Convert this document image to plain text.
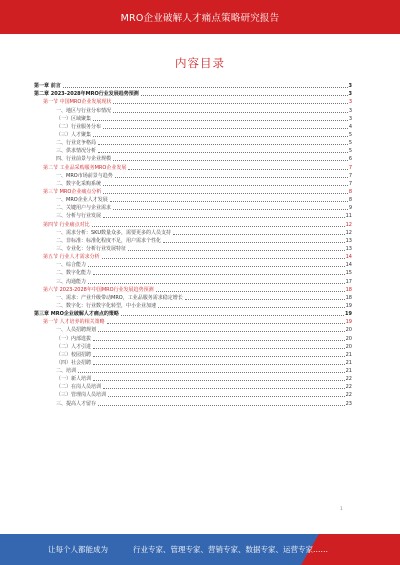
MRO企业破解人才痛点策略研究报告
内容目录
第一章 前言	3
第二章 2023-2028年MRO行业发展趋势预测	3
第一节 中国MRO企业发展现状	3
一、地区与行业分布情况	3
（一）区域聚集	3
（二）行业服务分布	4
（三）人才聚集	5
二、行业竞争格局	5
三、供求情况分析	5
四、行业前景与企业规模	6
第二节 工业品采购服务MRO企业发展	7
一、MRO市场前景与趋势	7
二、数字化采购系统	7
第三节 MRO企业痛点分析	8
一、MRO企业人才发展	8
二、关键用户与企业需求	9
三、分析与行业发展	11
第四节 行业痛点对比	12
一、需求分析：SKU数量众多，需要更多的人员支持	12
二、非标准：标准化程度不足，用户需求个性化	13
三、专业化：分析行业发展特征	13
第五节 行业人才需求分析	14
一、综合能力	14
二、数字化能力	15
三、沟通能力	17
第六节 2023-2028年中国MRO行业发展趋势预测	18
一、需求：产业升级带动MRO，工业品服务需求稳定增长	18
二、数字化：行业数字化转型，中小企业加速	19
第三章 MRO企业破解人才痛点的策略	19
第一节 人才培养的相关策略	19
一、人员招聘规划	20
（一）内部选拔	20
（二）人才引进	20
（三）校园招聘	21
（四）社会招聘	21
二、培训	21
（一）新人培训	22
（二）在岗人员培训	22
（三）管理岗人员培训	22
三、提高人才留存	23
1
让每个人都能成为	行业专家、管理专家、营销专家、数据专家、运营专家……
